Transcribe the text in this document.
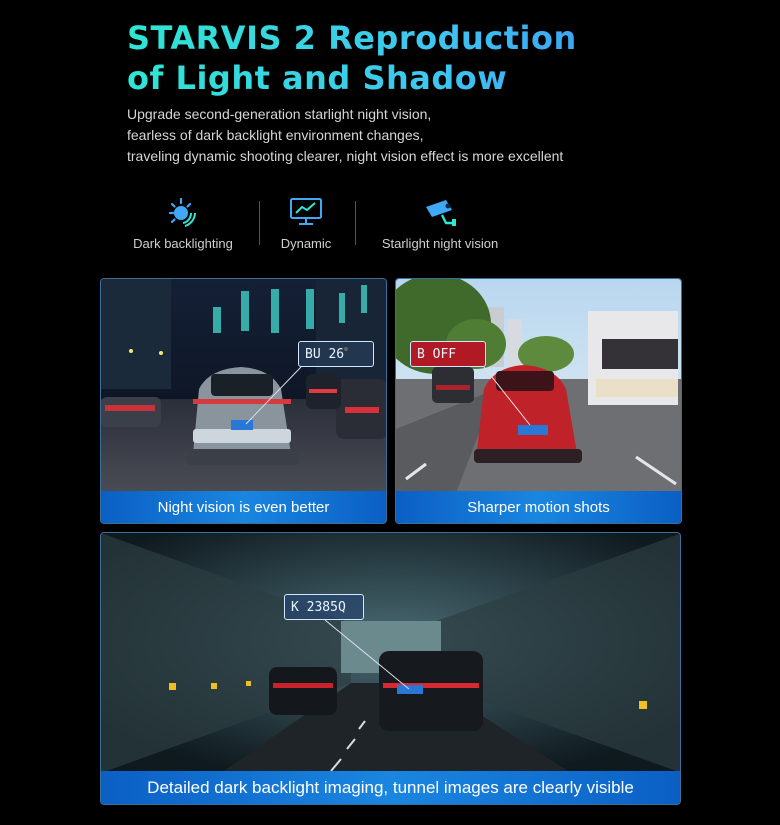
STARVIS 2 Reproduction
of Light and Shadow
Upgrade second-generation starlight night vision,
fearless of dark backlight environment changes,
traveling dynamic shooting clearer, night vision effect is more excellent
Dark backlighting	Dynamic	Starlight night vision
BU 26
Night vision is even better
B OFF
Sharper motion shots
K 2385Q
Detailed dark backlight imaging, tunnel images are clearly visible
